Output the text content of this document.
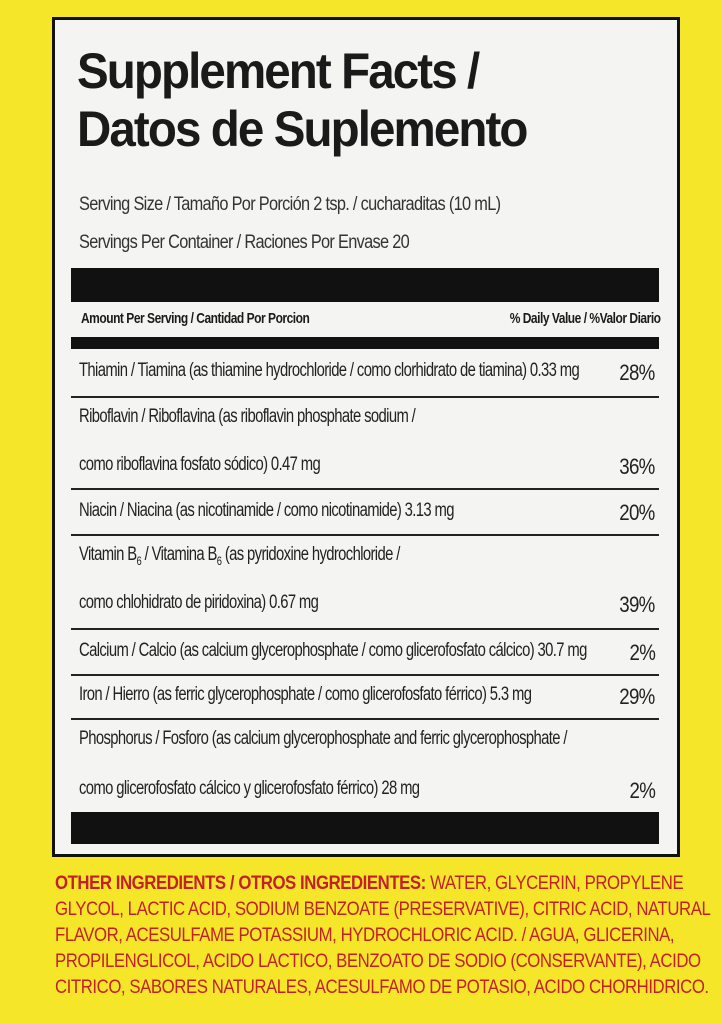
Supplement Facts /
Datos de Suplemento
Serving Size / Tamaño Por Porción 2 tsp. / cucharaditas (10 mL)
Servings Per Container / Raciones Por Envase 20
Amount Per Serving / Cantidad Por Porcion	% Daily Value / %Valor Diario
Thiamin / Tiamina (as thiamine hydrochloride / como clorhidrato de tiamina) 0.33 mg 28%
Riboflavin / Riboflavina (as riboflavin phosphate sodium /
como riboflavina fosfato sódico) 0.47 mg	36%
Niacin / Niacina (as nicotinamide / como nicotinamide) 3.13 mg	20%
Vitamin $B_6$ / Vitamina $B_6$ (as pyridoxine hydrochloride /
como chlohidrato de piridoxina) 0.67 mg	39%
Calcium / Calcio (as calcium glycerophosphate / como glicerofosfato cálcico) 30.7 mg 2%
Iron / Hierro (as ferric glycerophosphate / como glicerofosfato férrico) 5.3 mg	29%
Phosphorus / Fosforo (as calcium glycerophosphate and ferric glycerophosphate /
como glicerofosfato cálcico y glicerofosfato férrico) 28 mg	2%
OTHER INGREDIENTS / OTROS INGREDIENTES: WATER, GLYCERIN, PROPYLENE
GLYCOL, LACTIC ACID, SODIUM BENZOATE (PRESERVATIVE), CITRIC ACID, NATURAL
FLAVOR, ACESULFAME POTASSIUM, HYDROCHLORIC ACID. / AGUA, GLICERINA,
PROPILENGLICOL, ACIDO LACTICO, BENZOATO DE SODIO (CONSERVANTE), ACIDO
CITRICO, SABORES NATURALES, ACESULFAMO DE POTASIO, ACIDO CHORHIDRICO.
